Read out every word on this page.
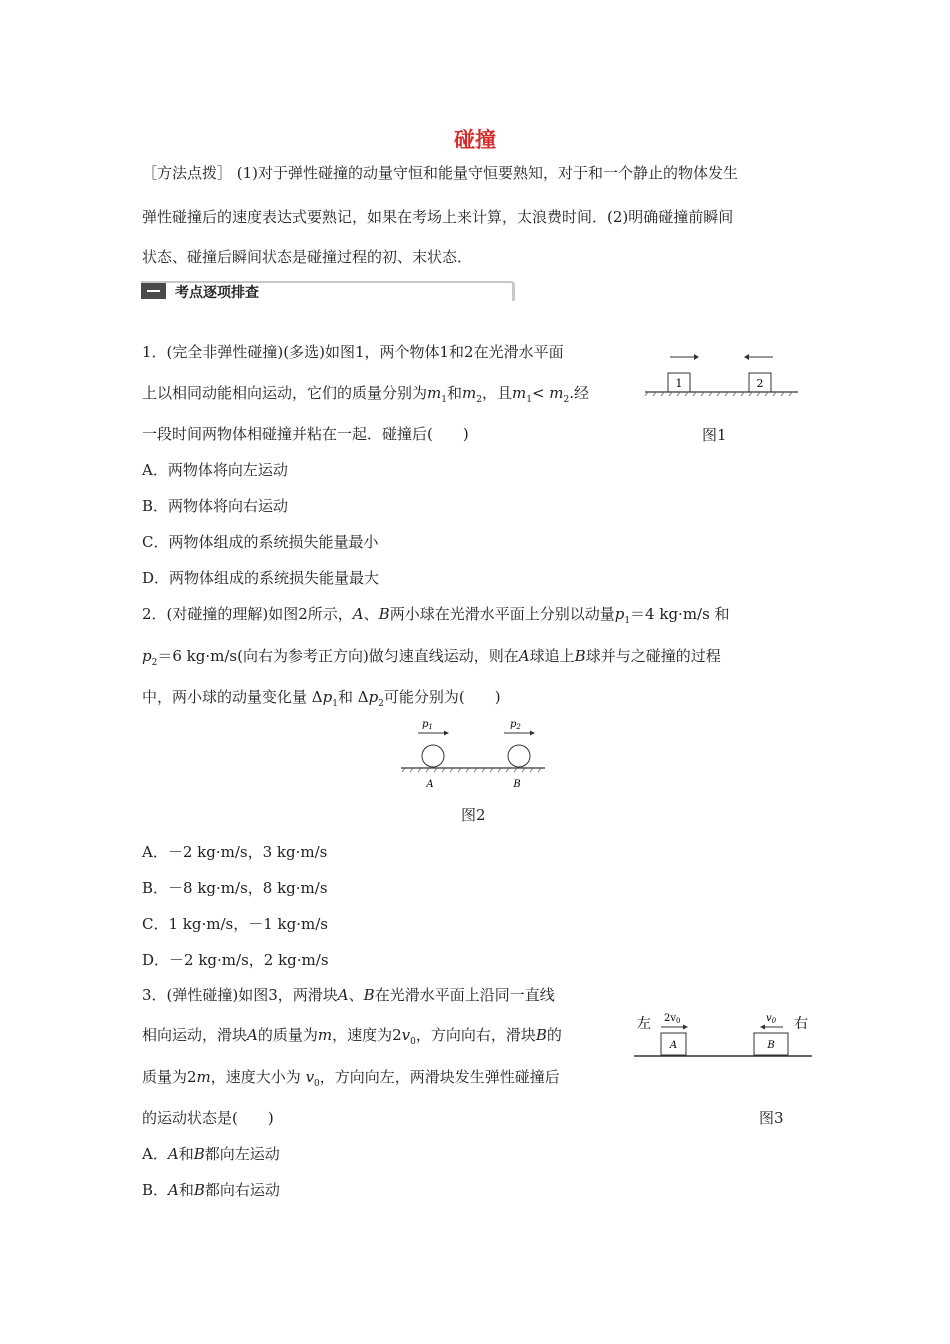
碰撞
［方法点拨］ (1)对于弹性碰撞的动量守恒和能量守恒要熟知，对于和一个静止的物体发生
弹性碰撞后的速度表达式要熟记，如果在考场上来计算，太浪费时间．(2)明确碰撞前瞬间
状态、碰撞后瞬间状态是碰撞过程的初、末状态．
考点逐项排查
1．(完全非弹性碰撞)(多选)如图1，两个物体1和2在光滑水平面
上以相同动能相向运动，它们的质量分别为$m_1$和$m_2$，且$m_1< m_2$.经
一段时间两物体相碰撞并粘在一起．碰撞后(　　)
1	2
图1
A．两物体将向左运动
B．两物体将向右运动
C．两物体组成的系统损失能量最小
D．两物体组成的系统损失能量最大
2．(对碰撞的理解)如图2所示，A、B两小球在光滑水平面上分别以动量$p_1=4$ kg·m/s 和
$p_2=6$ kg·m/s(向右为参考正方向)做匀速直线运动，则在A球追上B球并与之碰撞的过程
中，两小球的动量变化量 $\Delta p_1$和 $\Delta p_2$可能分别为(　　)
$p_1$	$p_2$
A	B
图2
A．－2 kg·m/s，3 kg·m/s
B．－8 kg·m/s，8 kg·m/s
C．1 kg·m/s，－1 kg·m/s
D．－2 kg·m/s，2 kg·m/s
3．(弹性碰撞)如图3，两滑块A、B在光滑水平面上沿同一直线
相向运动，滑块A的质量为m，速度为$2v_0$，方向向右，滑块B的
质量为2m，速度大小为 $v_0$，方向向左，两滑块发生弹性碰撞后
的运动状态是(　　)
左	右
$2v_0$	$v_0$
A	B
图3
A．A和B都向左运动
B．A和B都向右运动
